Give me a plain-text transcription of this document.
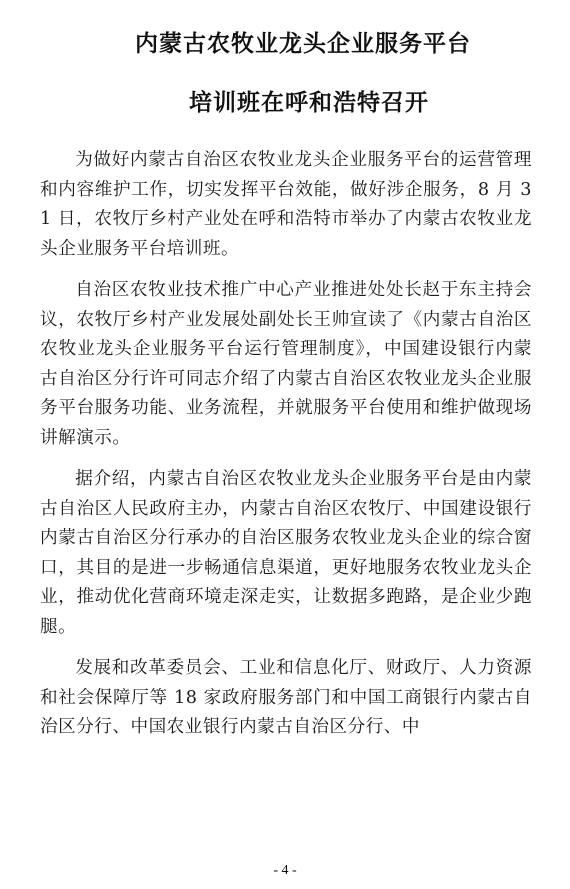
内蒙古农牧业龙头企业服务平台
培训班在呼和浩特召开

为做好内蒙古自治区农牧业龙头企业服务平台的运营管理和内容维护工作，切实发挥平台效能，做好涉企服务，8 月 31 日，农牧厅乡村产业处在呼和浩特市举办了内蒙古农牧业龙头企业服务平台培训班。

自治区农牧业技术推广中心产业推进处处长赵于东主持会议，农牧厅乡村产业发展处副处长王帅宣读了《内蒙古自治区农牧业龙头企业服务平台运行管理制度》，中国建设银行内蒙古自治区分行许可同志介绍了内蒙古自治区农牧业龙头企业服务平台服务功能、业务流程，并就服务平台使用和维护做现场讲解演示。

据介绍，内蒙古自治区农牧业龙头企业服务平台是由内蒙古自治区人民政府主办，内蒙古自治区农牧厅、中国建设银行内蒙古自治区分行承办的自治区服务农牧业龙头企业的综合窗口，其目的是进一步畅通信息渠道，更好地服务农牧业龙头企业，推动优化营商环境走深走实，让数据多跑路，是企业少跑腿。

发展和改革委员会、工业和信息化厅、财政厅、人力资源和社会保障厅等 18 家政府服务部门和中国工商银行内蒙古自治区分行、中国农业银行内蒙古自治区分行、中

- 4 -
